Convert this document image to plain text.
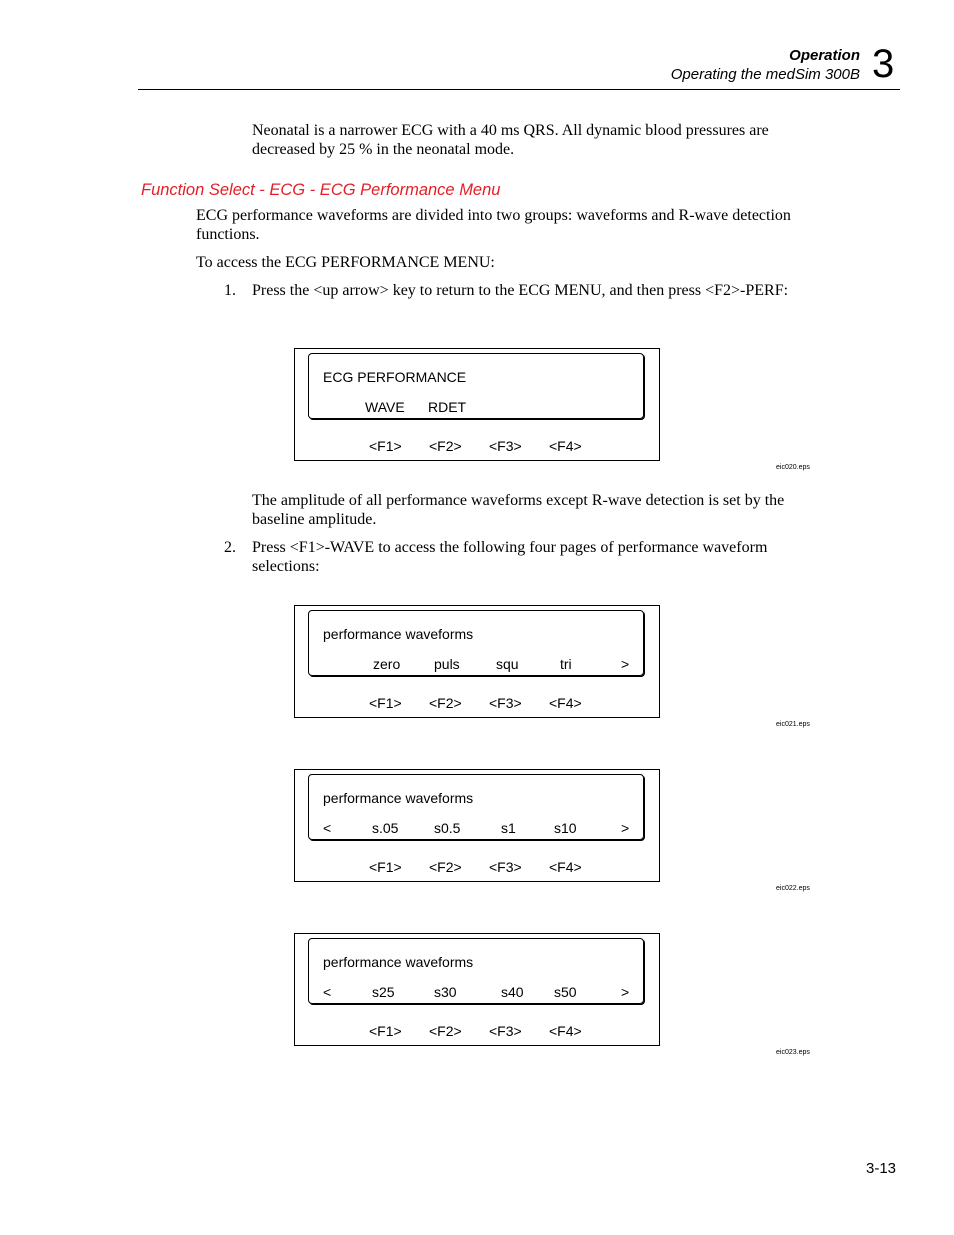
Operation
Operating the medSim 300B 3
Neonatal is a narrower ECG with a 40 ms QRS. All dynamic blood pressures are decreased by 25 % in the neonatal mode.
Function Select - ECG - ECG Performance Menu
ECG performance waveforms are divided into two groups: waveforms and R-wave detection functions.
To access the ECG PERFORMANCE MENU:
1. Press the <up arrow> key to return to the ECG MENU, and then press <F2>-PERF:
ECG PERFORMANCE
WAVE RDET
<F1> <F2> <F3> <F4>
eic020.eps
The amplitude of all performance waveforms except R-wave detection is set by the baseline amplitude.
2. Press <F1>-WAVE to access the following four pages of performance waveform selections:
performance waveforms
zero puls	squ	tri	>
<F1> <F2> <F3> <F4>
eic021.eps
performance waveforms
<	s.05	s0.5	s1	s10	>
<F1> <F2> <F3> <F4>
eic022.eps
performance waveforms
<	s25	s30	s40 s50	>
<F1> <F2> <F3> <F4>
eic023.eps
3-13
